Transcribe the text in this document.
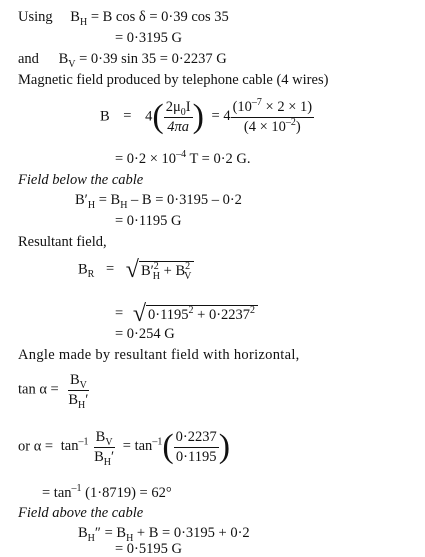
Using $B_H = B$ cos δ = 0·39 cos 35
= 0·3195 G
and $B_V = 0\cdot 39$ sin 35 = 0·2237 G
Magnetic field produced by telephone cable (4 wires)
$B = 4( \frac{2\mu_0I}{4\pi a}$ ) = $4 \frac{(10^{-7} \times 2 \times 1)}{(4 \times 10^{-2})}$
= $0\cdot 2 \times 10^{-4}$ T = 0·2 G.
Field below the cable
$B'_H = B_H - B = 0\cdot 3195 - 0\cdot 2$
= 0·1195 G
Resultant field,
$B_R$ = √ $B'^2_H + B^2_V$
= √ $0\cdot 1195^2 + 0\cdot 2237^2$
= 0·254 G
Angle made by resultant field with horizontal,
$\tan \alpha = \frac{B_V}{B_H'}$
or $\alpha = \tan^{-1} \frac{B_V}{B_H'} = \tan^{-1}( \frac{0\cdot 2237}{0\cdot 1195}$ )
= $\tan^{-1} (1\cdot 8719) = 62^\circ$
Field above the cable
$B_H'' = B_H + B = 0\cdot 3195 + 0\cdot 2$
= 0·5195 G
